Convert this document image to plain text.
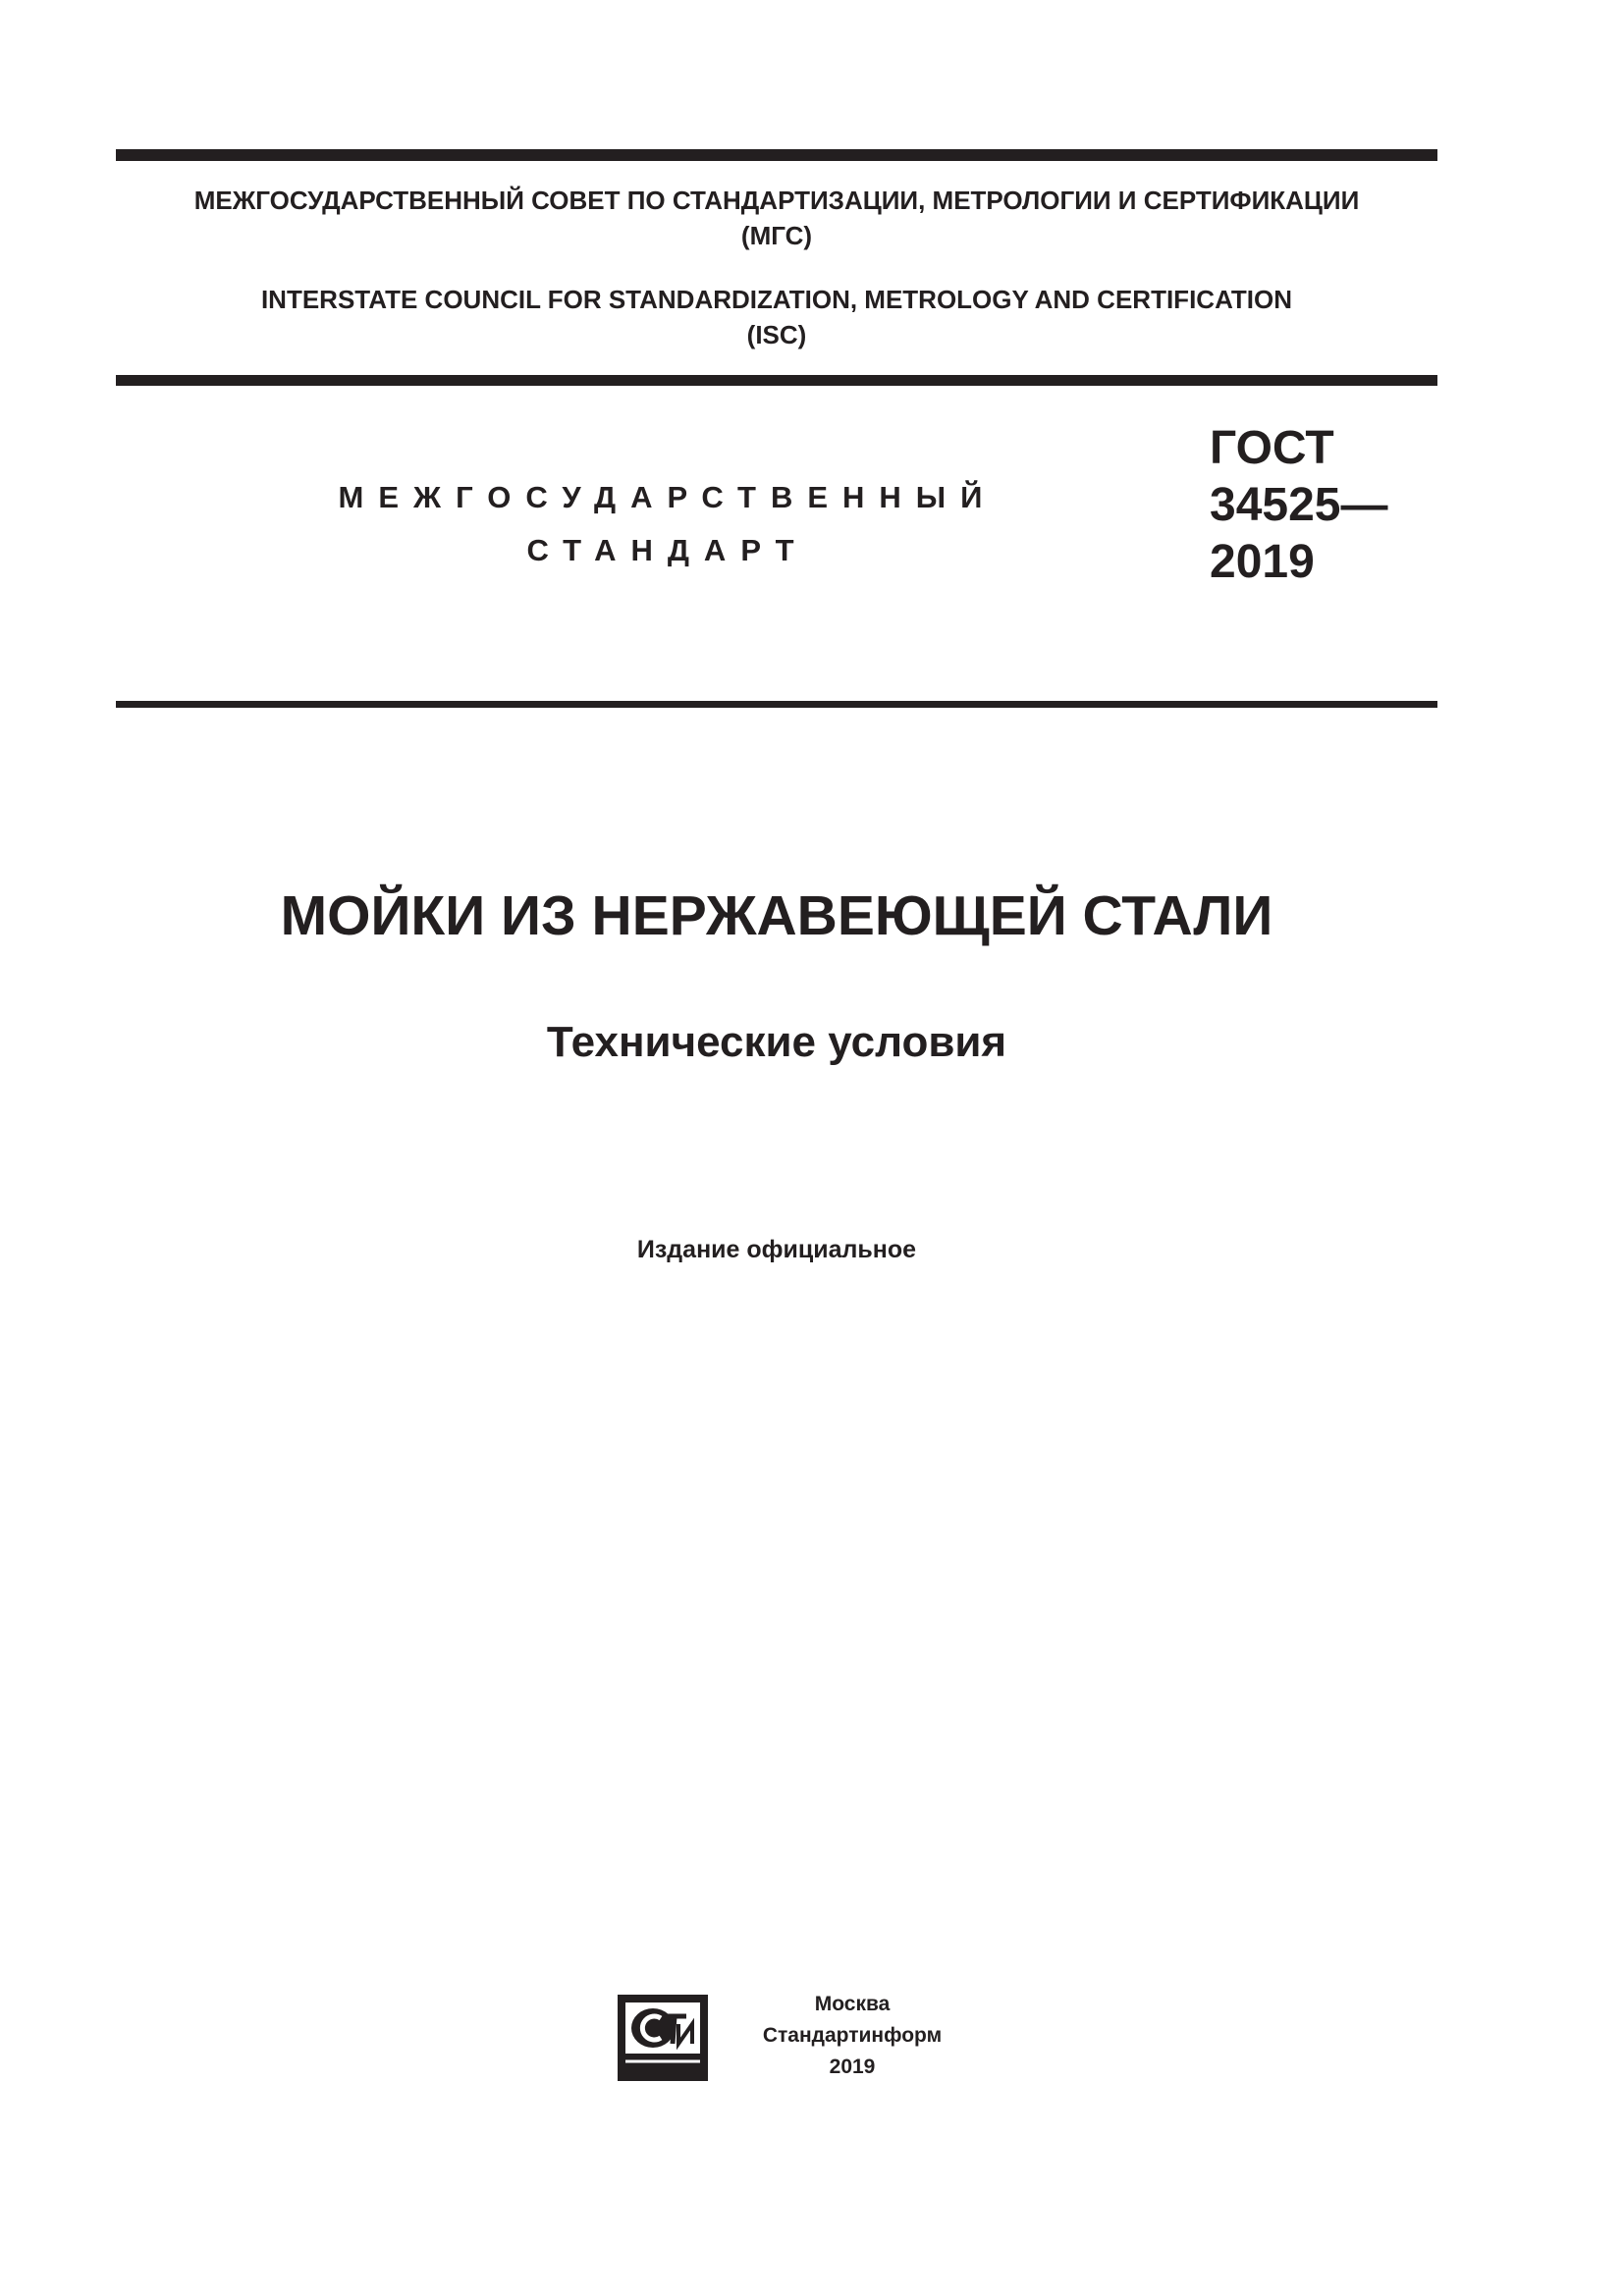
МЕЖГОСУДАРСТВЕННЫЙ СОВЕТ ПО СТАНДАРТИЗАЦИИ, МЕТРОЛОГИИ И СЕРТИФИКАЦИИ
(МГС)
INTERSTATE COUNCIL FOR STANDARDIZATION, METROLOGY AND CERTIFICATION
(ISC)
МЕЖГОСУДАРСТВЕННЫЙ
СТАНДАРТ
ГОСТ
34525—
2019
МОЙКИ ИЗ НЕРЖАВЕЮЩЕЙ СТАЛИ
Технические условия
Издание официальное
Москва
Стандартинформ
2019
